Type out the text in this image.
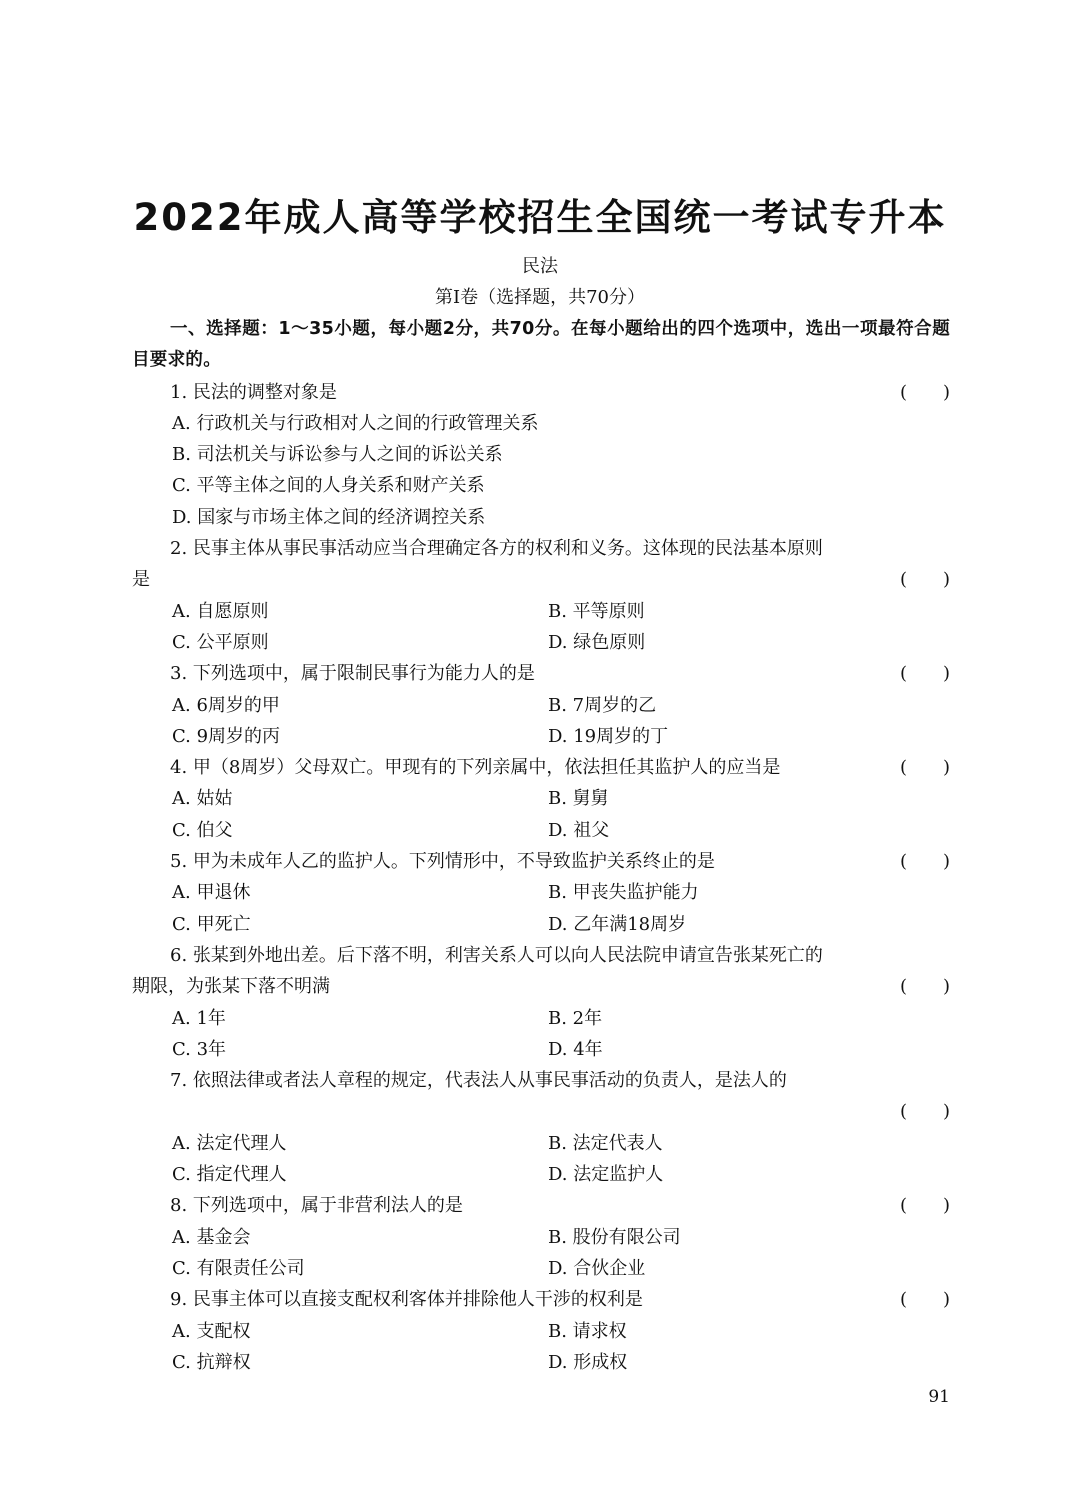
2022年成人高等学校招生全国统一考试专升本
民法
第Ⅰ卷（选择题，共70分）

一、选择题：1～35小题，每小题2分，共70分。在每小题给出的四个选项中，选出一项最符合题目要求的。

1. 民法的调整对象是	(　　)
A. 行政机关与行政相对人之间的行政管理关系
B. 司法机关与诉讼参与人之间的诉讼关系
C. 平等主体之间的人身关系和财产关系
D. 国家与市场主体之间的经济调控关系
2. 民事主体从事民事活动应当合理确定各方的权利和义务。这体现的民法基本原则
是	(　　)
A. 自愿原则	B. 平等原则
C. 公平原则	D. 绿色原则
3. 下列选项中，属于限制民事行为能力人的是	(　　)
A. 6周岁的甲	B. 7周岁的乙
C. 9周岁的丙	D. 19周岁的丁
4. 甲（8周岁）父母双亡。甲现有的下列亲属中，依法担任其监护人的应当是	(　　)
A. 姑姑	B. 舅舅
C. 伯父	D. 祖父
5. 甲为未成年人乙的监护人。下列情形中，不导致监护关系终止的是	(　　)
A. 甲退休	B. 甲丧失监护能力
C. 甲死亡	D. 乙年满18周岁
6. 张某到外地出差。后下落不明，利害关系人可以向人民法院申请宣告张某死亡的
期限，为张某下落不明满	(　　)
A. 1年	B. 2年
C. 3年	D. 4年
7. 依照法律或者法人章程的规定，代表法人从事民事活动的负责人，是法人的
(　　)
A. 法定代理人	B. 法定代表人
C. 指定代理人	D. 法定监护人
8. 下列选项中，属于非营利法人的是	(　　)
A. 基金会	B. 股份有限公司
C. 有限责任公司	D. 合伙企业
9. 民事主体可以直接支配权利客体并排除他人干涉的权利是	(　　)
A. 支配权	B. 请求权
C. 抗辩权	D. 形成权
91
